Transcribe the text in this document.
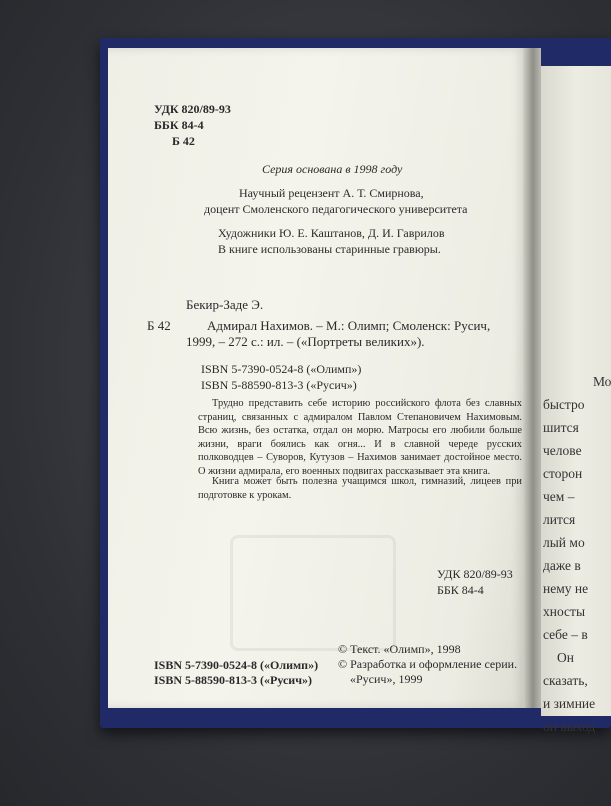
Мо
быстро
шится
челове
сторон
чем –
лится
лый мо
даже в
нему не
хносты
себе – в
Он
сказать,
и зимние
он выход
УДК 820/89-93
ББК 84-4
Б 42
Серия основана в 1998 году
Научный рецензент А. Т. Смирнова,
доцент Смоленского педагогического университета
Художники Ю. Е. Каштанов, Д. И. Гаврилов
В книге использованы старинные гравюры.
Бекир-Заде Э.
Б 42	Адмирал Нахимов. – М.: Олимп; Смоленск: Русич,
1999, – 272 с.: ил. – («Портреты великих»).
ISBN 5-7390-0524-8 («Олимп»)
ISBN 5-88590-813-3 («Русич»)

Трудно представить себе историю российского флота без славных страниц, связанных с адмиралом Павлом Степановичем Нахимовым. Всю жизнь, без остатка, отдал он морю. Матросы его любили больше жизни, враги боялись как огня... И в славной череде русских полководцев – Суворов, Кутузов – Нахимов занимает достойное место. О жизни адмирала, его военных подвигах рассказывает эта книга.

Книга может быть полезна учащимся школ, гимназий, лицеев при подготовке к урокам.

УДК 820/89-93
ББК 84-4
ISBN 5-7390-0524-8 («Олимп»)
ISBN 5-88590-813-3 («Русич»)
© Текст. «Олимп», 1998
© Разработка и оформление серии.
«Русич», 1999
